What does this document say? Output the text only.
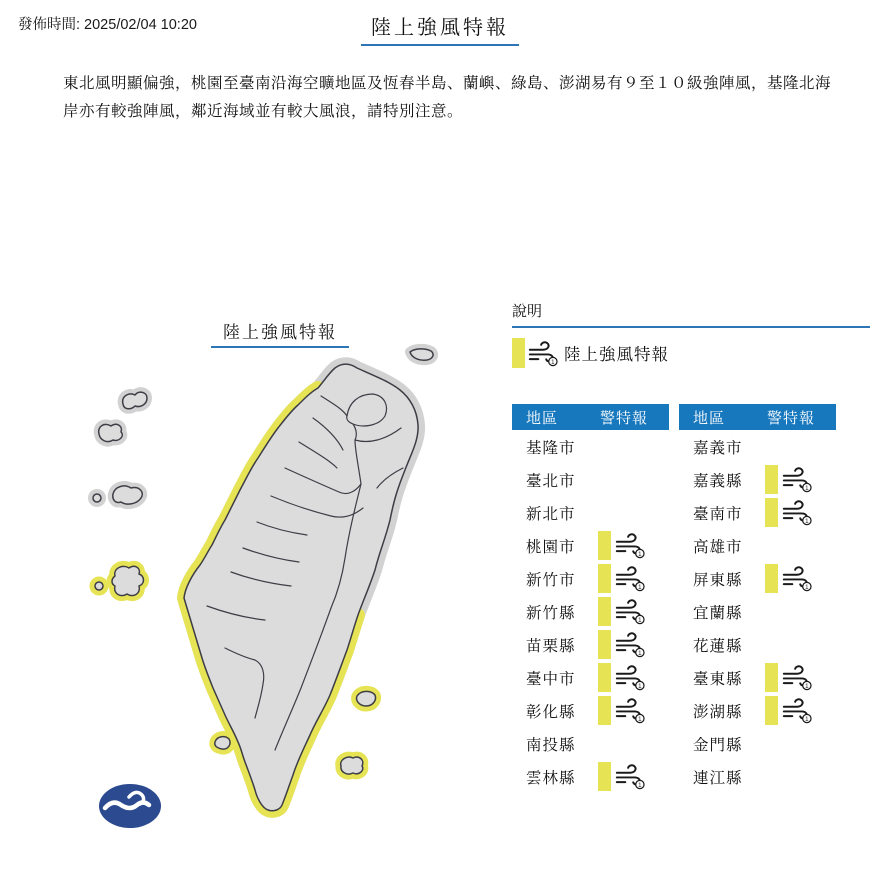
發佈時間: 2025/02/04 10:20	陸上強風特報

東北風明顯偏強，桃園至臺南沿海空曠地區及恆春半島、蘭嶼、綠島、澎湖易有９至１０級強陣風，基隆北海岸亦有較強陣風，鄰近海域並有較大風浪，請特別注意。

陸上強風特報
說明
1 陸上強風特報
地區	警特報
基隆市	
臺北市	
新北市	
桃園市	1

新竹市	1

新竹縣	1

苗栗縣	1

臺中市	1

彰化縣	1

南投縣	
雲林縣	1
地區	警特報
嘉義市	
嘉義縣	1

臺南市	1

高雄市	
屏東縣	1

宜蘭縣	
花蓮縣	
臺東縣	1

澎湖縣	1

金門縣	
連江縣	
